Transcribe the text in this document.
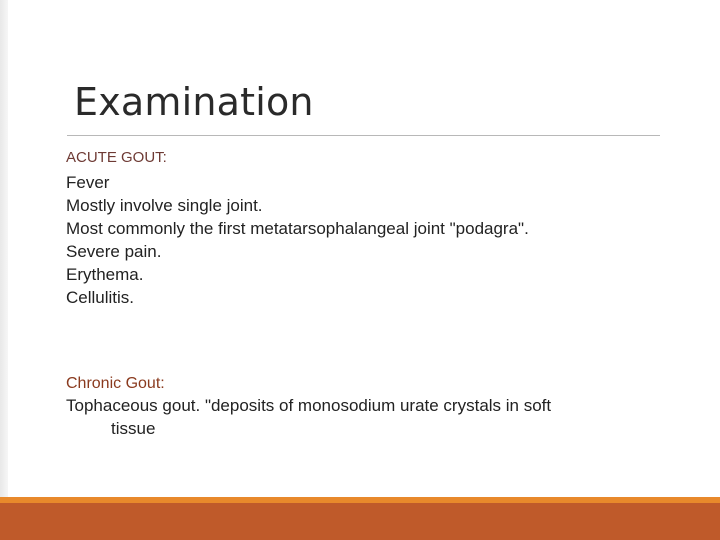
Examination
ACUTE GOUT:
Fever
Mostly involve single joint.
Most commonly the first metatarsophalangeal joint "podagra".
Severe pain.
Erythema.
Cellulitis.
Chronic Gout:
Tophaceous gout. "deposits of monosodium urate crystals in soft
tissue
